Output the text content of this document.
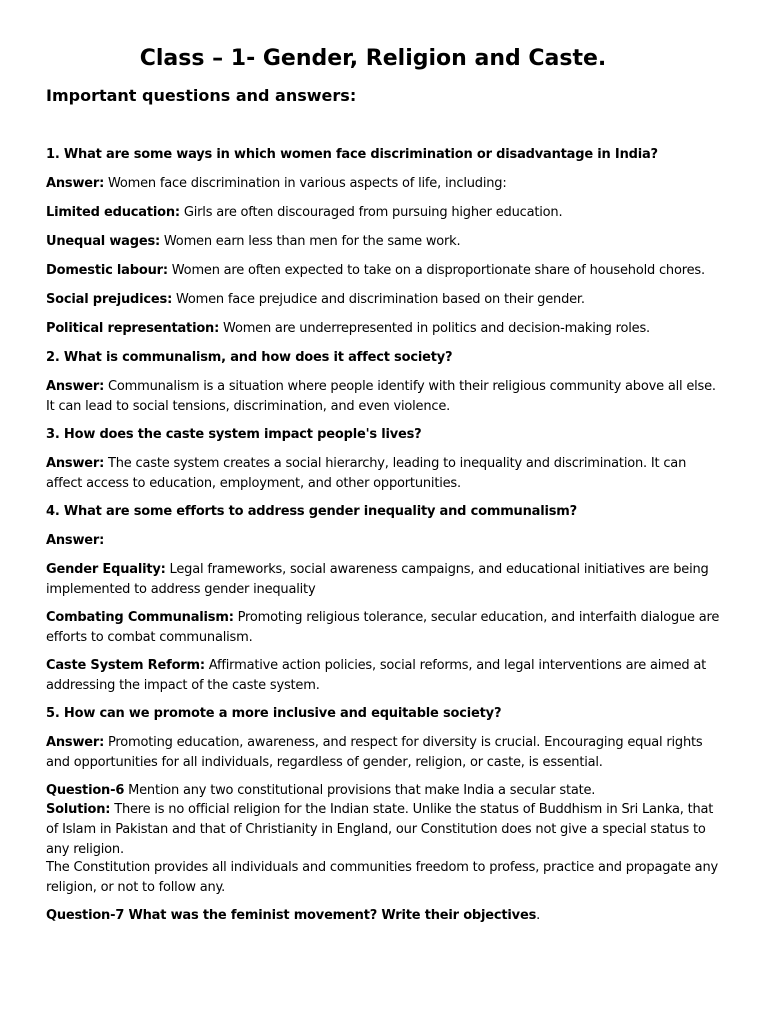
Class – 1- Gender, Religion and Caste.
Important questions and answers:
1. What are some ways in which women face discrimination or disadvantage in India?
Answer: Women face discrimination in various aspects of life, including:
Limited education: Girls are often discouraged from pursuing higher education.
Unequal wages: Women earn less than men for the same work.
Domestic labour: Women are often expected to take on a disproportionate share of household chores.
Social prejudices: Women face prejudice and discrimination based on their gender.
Political representation: Women are underrepresented in politics and decision-making roles.
2. What is communalism, and how does it affect society?
Answer: Communalism is a situation where people identify with their religious community above all else. It can lead to social tensions, discrimination, and even violence.
3. How does the caste system impact people's lives?
Answer: The caste system creates a social hierarchy, leading to inequality and discrimination. It can affect access to education, employment, and other opportunities.
4. What are some efforts to address gender inequality and communalism?
Answer:
Gender Equality: Legal frameworks, social awareness campaigns, and educational initiatives are being implemented to address gender inequality
Combating Communalism: Promoting religious tolerance, secular education, and interfaith dialogue are efforts to combat communalism.
Caste System Reform: Affirmative action policies, social reforms, and legal interventions are aimed at addressing the impact of the caste system.
5. How can we promote a more inclusive and equitable society?
Answer: Promoting education, awareness, and respect for diversity is crucial. Encouraging equal rights and opportunities for all individuals, regardless of gender, religion, or caste, is essential.
Question-6 Mention any two constitutional provisions that make India a secular state.
Solution: There is no official religion for the Indian state. Unlike the status of Buddhism in Sri Lanka, that of Islam in Pakistan and that of Christianity in England, our Constitution does not give a special status to any religion.
The Constitution provides all individuals and communities freedom to profess, practice and propagate any religion, or not to follow any.
Question-7 What was the feminist movement? Write their objectives.
